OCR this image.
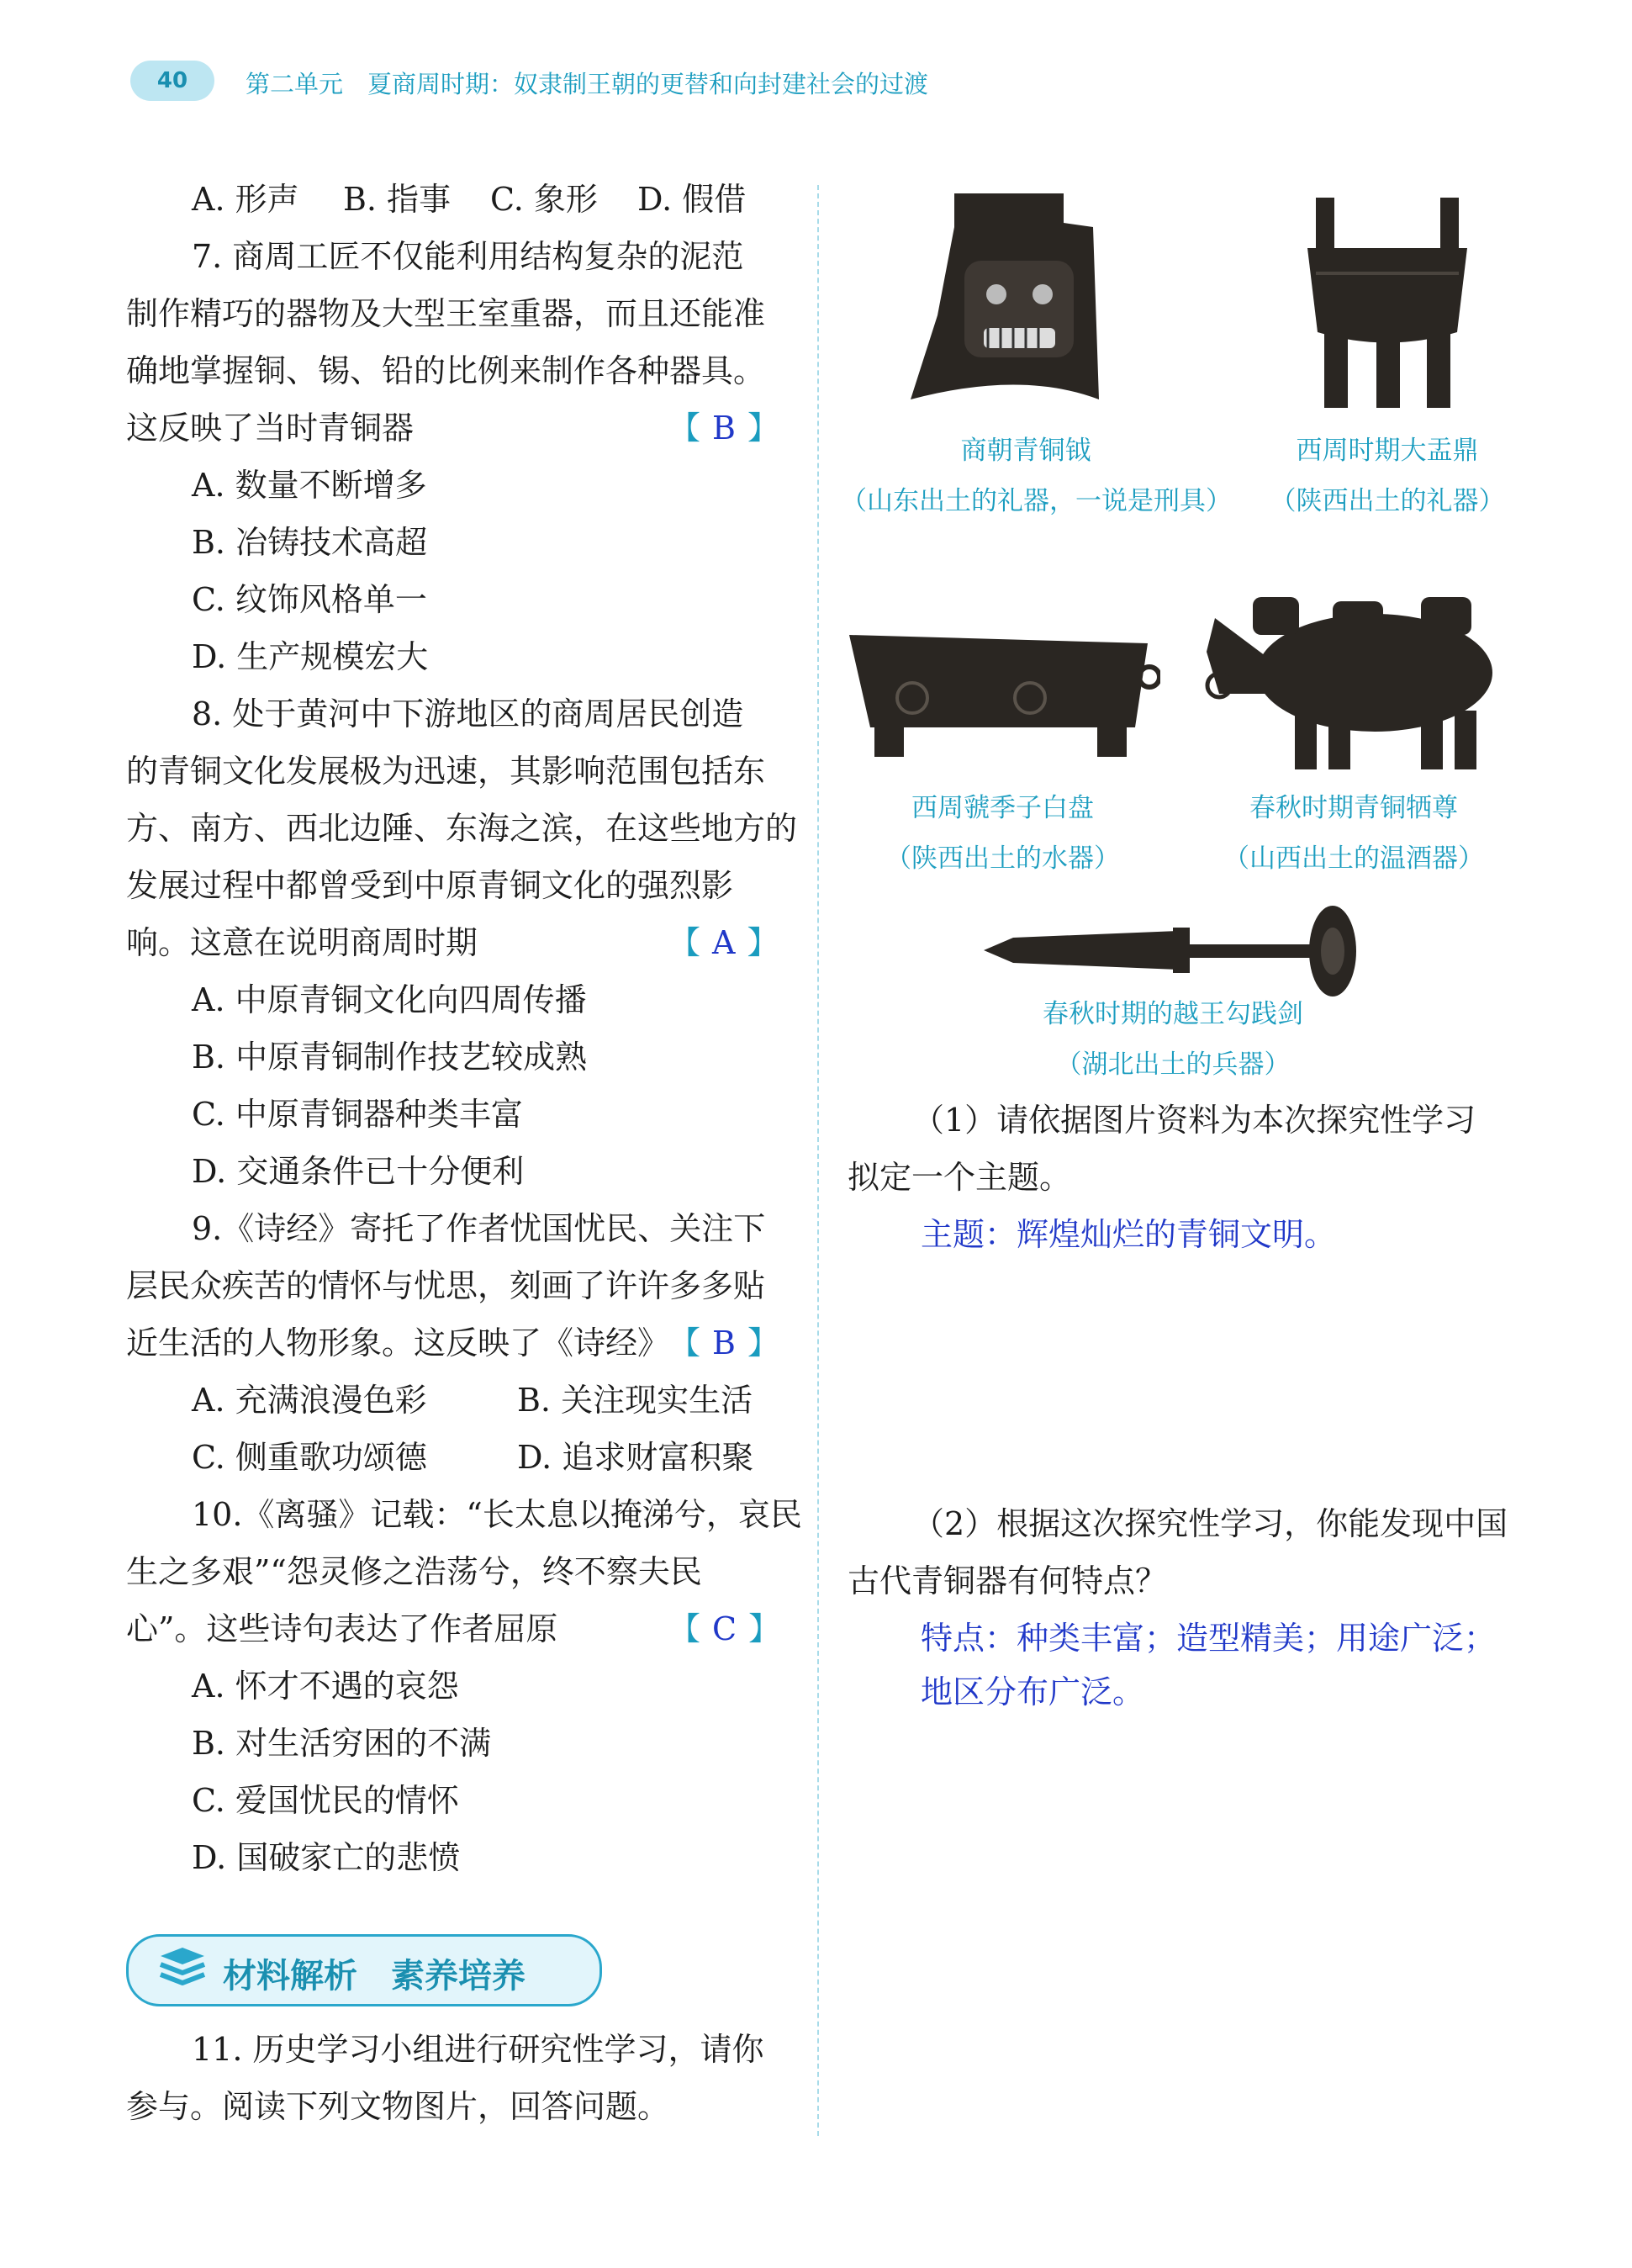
40	第二单元　夏商周时期：奴隶制王朝的更替和向封建社会的过渡
A. 形声 B. 指事 C. 象形 D. 假借
7. 商周工匠不仅能利用结构复杂的泥范
制作精巧的器物及大型王室重器，而且还能准
确地掌握铜、锡、铅的比例来制作各种器具。
这反映了当时青铜器	【 B 】
A. 数量不断增多
B. 冶铸技术高超
C. 纹饰风格单一
D. 生产规模宏大
8. 处于黄河中下游地区的商周居民创造
的青铜文化发展极为迅速，其影响范围包括东
方、南方、西北边陲、东海之滨，在这些地方的
发展过程中都曾受到中原青铜文化的强烈影
响。这意在说明商周时期	【 A 】
A. 中原青铜文化向四周传播
B. 中原青铜制作技艺较成熟
C. 中原青铜器种类丰富
D. 交通条件已十分便利
9.《诗经》寄托了作者忧国忧民、关注下
层民众疾苦的情怀与忧思，刻画了许许多多贴
近生活的人物形象。这反映了《诗经》
【 B 】
A. 充满浪漫色彩	B. 关注现实生活
C. 侧重歌功颂德	D. 追求财富积聚
10.《离骚》记载：“长太息以掩涕兮，哀民
生之多艰”“怨灵修之浩荡兮，终不察夫民
心”。这些诗句表达了作者屈原	【 C 】
A. 怀才不遇的哀怨
B. 对生活穷困的不满
C. 爱国忧民的情怀
D. 国破家亡的悲愤
材料解析　素养培养
11. 历史学习小组进行研究性学习，请你
参与。阅读下列文物图片，回答问题。
商朝青铜钺
（山东出土的礼器，一说是刑具）
西周时期大盂鼎
（陕西出土的礼器）
西周虢季子白盘
（陕西出土的水器）
春秋时期青铜牺尊
（山西出土的温酒器）
春秋时期的越王勾践剑
（湖北出土的兵器）
（1）请依据图片资料为本次探究性学习
拟定一个主题。
主题：辉煌灿烂的青铜文明。
（2）根据这次探究性学习，你能发现中国
古代青铜器有何特点？
特点：种类丰富；造型精美；用途广泛；
地区分布广泛。
